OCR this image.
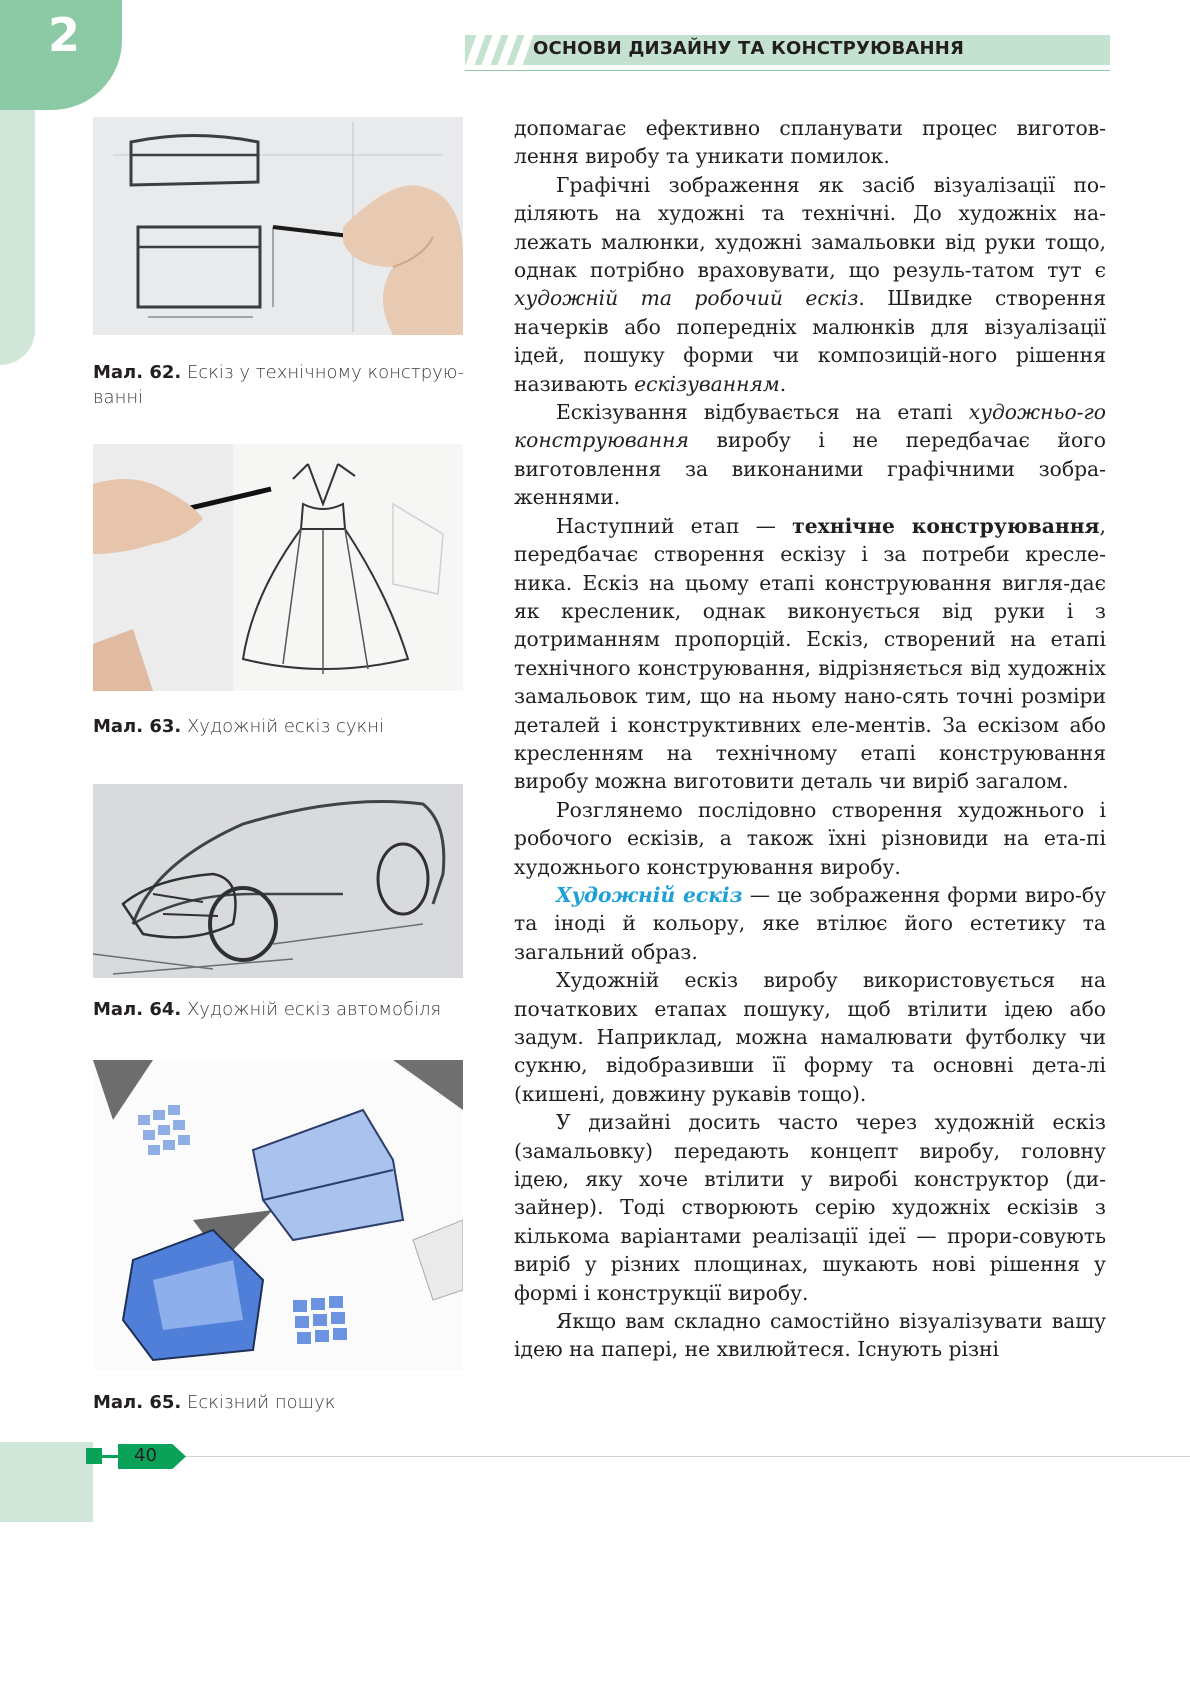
2	ОСНОВИ ДИЗАЙНУ ТА КОНСТРУЮВАННЯ
Мал. 62. Ескіз у технічному конструю-
ванні
Мал. 63. Художній ескіз сукні
Мал. 64. Художній ескіз автомобіля
Мал. 65. Ескізний пошук

допомагає ефективно спланувати процес виготов-лення виробу та уникати помилок.

Графічні зображення як засіб візуалізації по-діляють на художні та технічні. До художніх на-лежать малюнки, художні замальовки від руки тощо, однак потрібно враховувати, що резуль-татом тут є художній та робочий ескіз. Швидке створення начерків або попередніх малюнків для візуалізації ідей, пошуку форми чи композицій-ного рішення називають ескізуванням.

Ескізування відбувається на етапі художньо-го конструювання виробу і не передбачає його виготовлення за виконаними графічними зобра-женнями.

Наступний етап — технічне конструювання, передбачає створення ескізу і за потреби кресле-ника. Ескіз на цьому етапі конструювання вигля-дає як кресленик, однак виконується від руки і з дотриманням пропорцій. Ескіз, створений на етапі технічного конструювання, відрізняється від художніх замальовок тим, що на ньому нано-сять точні розміри деталей і конструктивних еле-ментів. За ескізом або кресленням на технічному етапі конструювання виробу можна виготовити деталь чи виріб загалом.

Розглянемо послідовно створення художнього і робочого ескізів, а також їхні різновиди на ета-пі художнього конструювання виробу.

Художній ескіз — це зображення форми виро-бу та іноді й кольору, яке втілює його естетику та загальний образ.

Художній ескіз виробу використовується на початкових етапах пошуку, щоб втілити ідею або задум. Наприклад, можна намалювати футболку чи сукню, відобразивши її форму та основні дета-лі (кишені, довжину рукавів тощо).

У дизайні досить часто через художній ескіз (замальовку) передають концепт виробу, головну ідею, яку хоче втілити у виробі конструктор (ди-зайнер). Тоді створюють серію художніх ескізів з кількома варіантами реалізації ідеї — прори-совують виріб у різних площинах, шукають нові рішення у формі і конструкції виробу.

Якщо вам складно самостійно візуалізувати вашу ідею на папері, не хвилюйтеся. Існують різні

40
